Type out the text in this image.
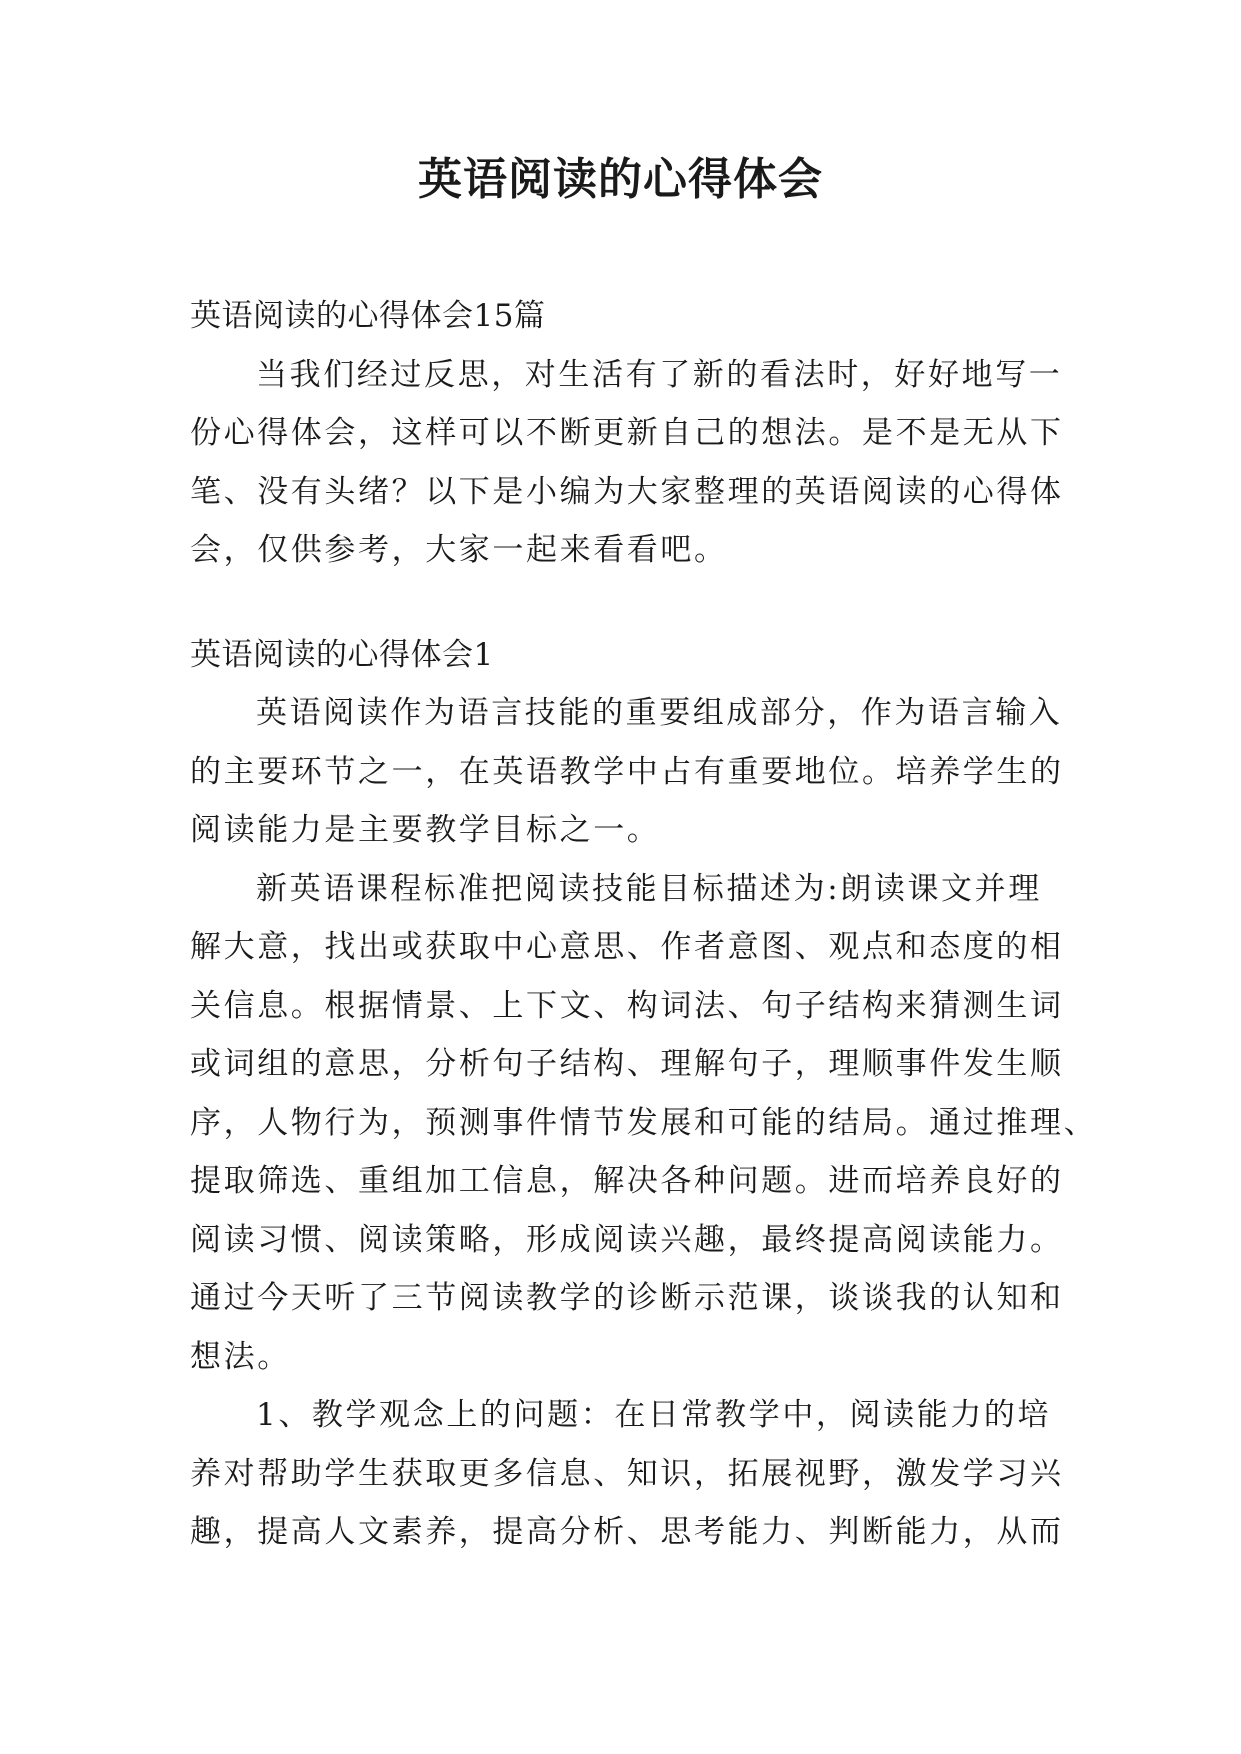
英语阅读的心得体会

英语阅读的心得体会15篇

当我们经过反思，对生活有了新的看法时，好好地写一

份心得体会，这样可以不断更新自己的想法。是不是无从下

笔、没有头绪？以下是小编为大家整理的英语阅读的心得体

会，仅供参考，大家一起来看看吧。

英语阅读的心得体会1

英语阅读作为语言技能的重要组成部分，作为语言输入

的主要环节之一，在英语教学中占有重要地位。培养学生的

阅读能力是主要教学目标之一。

新英语课程标准把阅读技能目标描述为:朗读课文并理

解大意，找出或获取中心意思、作者意图、观点和态度的相

关信息。根据情景、上下文、构词法、句子结构来猜测生词

或词组的意思，分析句子结构、理解句子，理顺事件发生顺

序，人物行为，预测事件情节发展和可能的结局。通过推理、

提取筛选、重组加工信息，解决各种问题。进而培养良好的

阅读习惯、阅读策略，形成阅读兴趣，最终提高阅读能力。

通过今天听了三节阅读教学的诊断示范课，谈谈我的认知和

想法。

1、教学观念上的问题：在日常教学中，阅读能力的培

养对帮助学生获取更多信息、知识，拓展视野，激发学习兴

趣，提高人文素养，提高分析、思考能力、判断能力，从而
